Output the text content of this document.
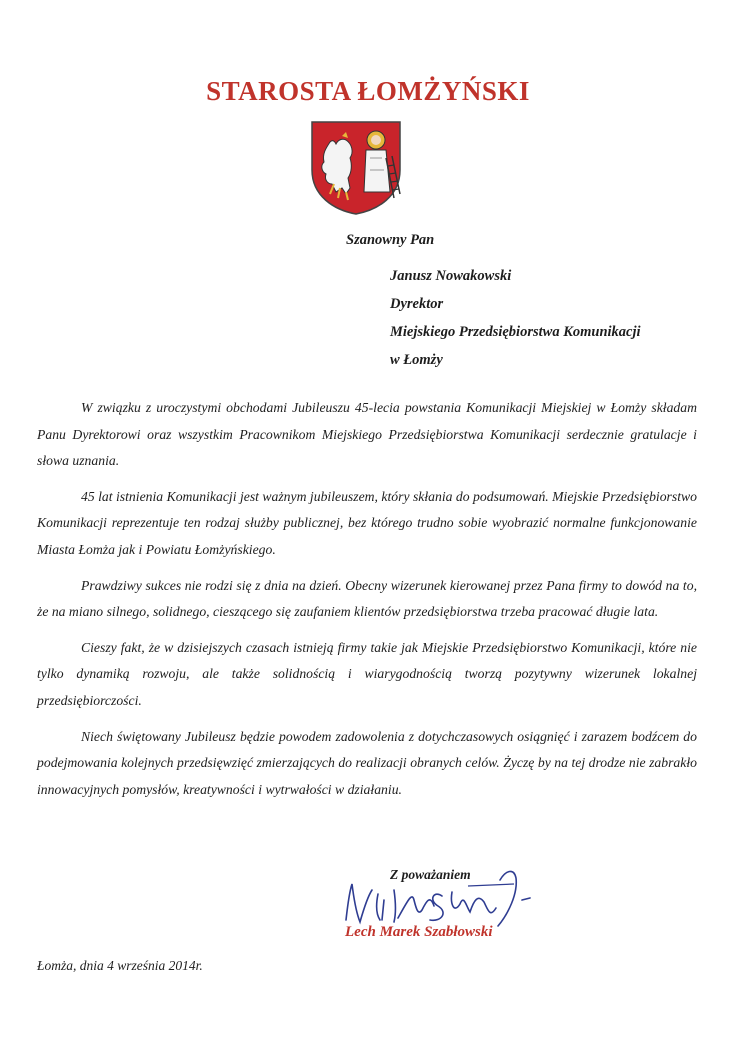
STAROSTA ŁOMŻYŃSKI
Szanowny Pan
Janusz Nowakowski
Dyrektor
Miejskiego Przedsiębiorstwa Komunikacji
w Łomży

W związku z uroczystymi obchodami Jubileuszu 45-lecia powstania Komunikacji Miejskiej w Łomży składam Panu Dyrektorowi oraz wszystkim Pracownikom Miejskiego Przedsiębiorstwa Komunikacji serdecznie gratulacje i słowa uznania.

45 lat istnienia Komunikacji jest ważnym jubileuszem, który skłania do podsumowań. Miejskie Przedsiębiorstwo Komunikacji reprezentuje ten rodzaj służby publicznej, bez którego trudno sobie wyobrazić normalne funkcjonowanie Miasta Łomża jak i Powiatu Łomżyńskiego.

Prawdziwy sukces nie rodzi się z dnia na dzień. Obecny wizerunek kierowanej przez Pana firmy to dowód na to, że na miano silnego, solidnego, cieszącego się zaufaniem klientów przedsiębiorstwa trzeba pracować długie lata.

Cieszy fakt, że w dzisiejszych czasach istnieją firmy takie jak Miejskie Przedsiębiorstwo Komunikacji, które nie tylko dynamiką rozwoju, ale także solidnością i wiarygodnością tworzą pozytywny wizerunek lokalnej przedsiębiorczości.

Niech świętowany Jubileusz będzie powodem zadowolenia z dotychczasowych osiągnięć i zarazem bodźcem do podejmowania kolejnych przedsięwzięć zmierzających do realizacji obranych celów. Życzę by na tej drodze nie zabrakło innowacyjnych pomysłów, kreatywności i wytrwałości w działaniu.

Z poważaniem
Lech Marek Szabłowski
Łomża, dnia 4 września 2014r.
